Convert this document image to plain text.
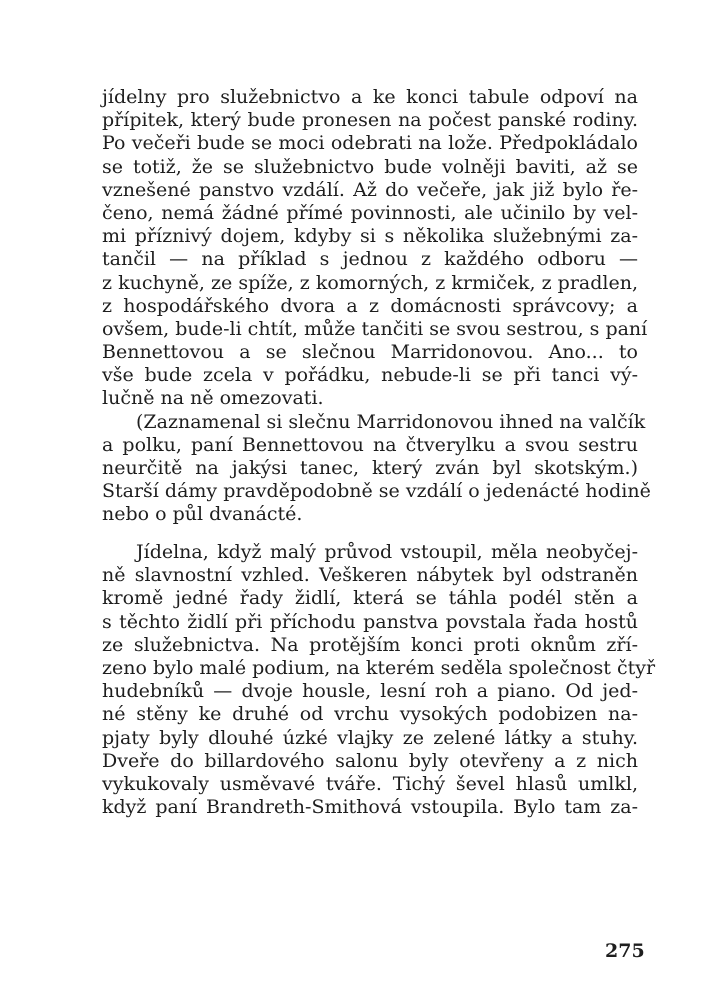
jídelny pro služebnictvo a ke konci tabule odpoví na
přípitek, který bude pronesen na počest panské rodiny.
Po večeři bude se moci odebrati na lože. Předpokládalo
se totiž, že se služebnictvo bude volněji baviti, až se
vznešené panstvo vzdálí. Až do večeře, jak již bylo ře-
čeno, nemá žádné přímé povinnosti, ale učinilo by vel-
mi příznivý dojem, kdyby si s několika služebnými za-
tančil — na příklad s jednou z každého odboru —
z kuchyně, ze spíže, z komorných, z krmiček, z pradlen,
z hospodářského dvora a z domácnosti správcovy; a
ovšem, bude-li chtít, může tančiti se svou sestrou, s paní
Bennettovou a se slečnou Marridonovou. Ano... to
vše bude zcela v pořádku, nebude-li se při tanci vý-
lučně na ně omezovati.
(Zaznamenal si slečnu Marridonovou ihned na valčík
a polku, paní Bennettovou na čtverylku a svou sestru
neurčitě na jakýsi tanec, který zván byl skotským.)
Starší dámy pravděpodobně se vzdálí o jedenácté hodině
nebo o půl dvanácté.
Jídelna, když malý průvod vstoupil, měla neobyčej-
ně slavnostní vzhled. Veškeren nábytek byl odstraněn
kromě jedné řady židlí, která se táhla podél stěn a
s těchto židlí při příchodu panstva povstala řada hostů
ze služebnictva. Na protějším konci proti oknům zří-
zeno bylo malé podium, na kterém seděla společnost čtyř
hudebníků — dvoje housle, lesní roh a piano. Od jed-
né stěny ke druhé od vrchu vysokých podobizen na-
pjaty byly dlouhé úzké vlajky ze zelené látky a stuhy.
Dveře do billardového salonu byly otevřeny a z nich
vykukovaly usměvavé tváře. Tichý ševel hlasů umlkl,
když paní Brandreth-Smithová vstoupila. Bylo tam za-
275
